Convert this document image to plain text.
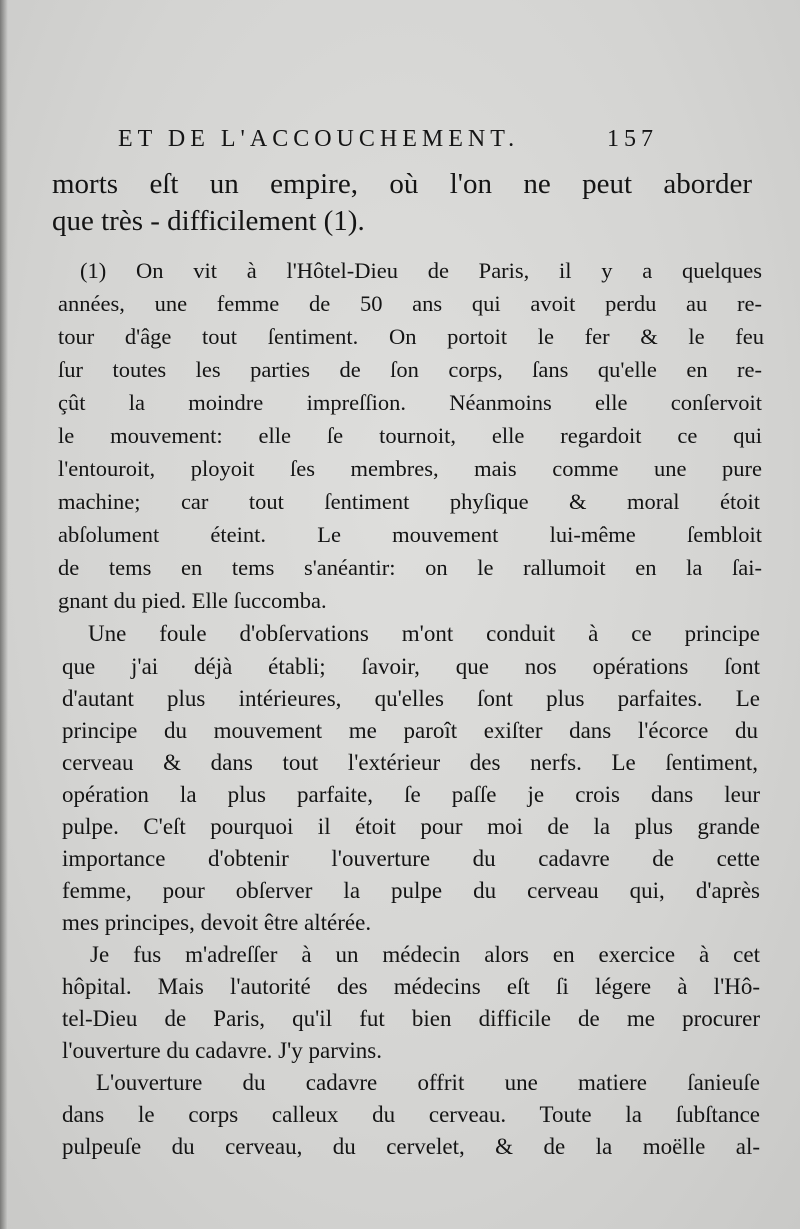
ET DE L'ACCOUCHEMENT.	157
morts eſt un empire, où l'on ne peut aborder
que très - difficilement (1).
(1) On vit à l'Hôtel-Dieu de Paris, il y a quelques
années, une femme de 50 ans qui avoit perdu au re-
tour d'âge tout ſentiment. On portoit le fer & le feu
ſur toutes les parties de ſon corps, ſans qu'elle en re-
çût la moindre impreſſion. Néanmoins elle conſervoit
le mouvement: elle ſe tournoit, elle regardoit ce qui
l'entouroit, ployoit ſes membres, mais comme une pure
machine; car tout ſentiment phyſique & moral étoit
abſolument éteint. Le mouvement lui-même ſembloit
de tems en tems s'anéantir: on le rallumoit en la ſai-
gnant du pied. Elle ſuccomba.
Une foule d'obſervations m'ont conduit à ce principe
que j'ai déjà établi; ſavoir, que nos opérations ſont
d'autant plus intérieures, qu'elles ſont plus parfaites. Le
principe du mouvement me paroît exiſter dans l'écorce du
cerveau & dans tout l'extérieur des nerfs. Le ſentiment,
opération la plus parfaite, ſe paſſe je crois dans leur
pulpe. C'eſt pourquoi il étoit pour moi de la plus grande
importance d'obtenir l'ouverture du cadavre de cette
femme, pour obſerver la pulpe du cerveau qui, d'après
mes principes, devoit être altérée.
Je fus m'adreſſer à un médecin alors en exercice à cet
hôpital. Mais l'autorité des médecins eſt ſi légere à l'Hô-
tel-Dieu de Paris, qu'il fut bien difficile de me procurer
l'ouverture du cadavre. J'y parvins.
L'ouverture du cadavre offrit une matiere ſanieuſe
dans le corps calleux du cerveau. Toute la ſubſtance
pulpeuſe du cerveau, du cervelet, & de la moëlle al-
